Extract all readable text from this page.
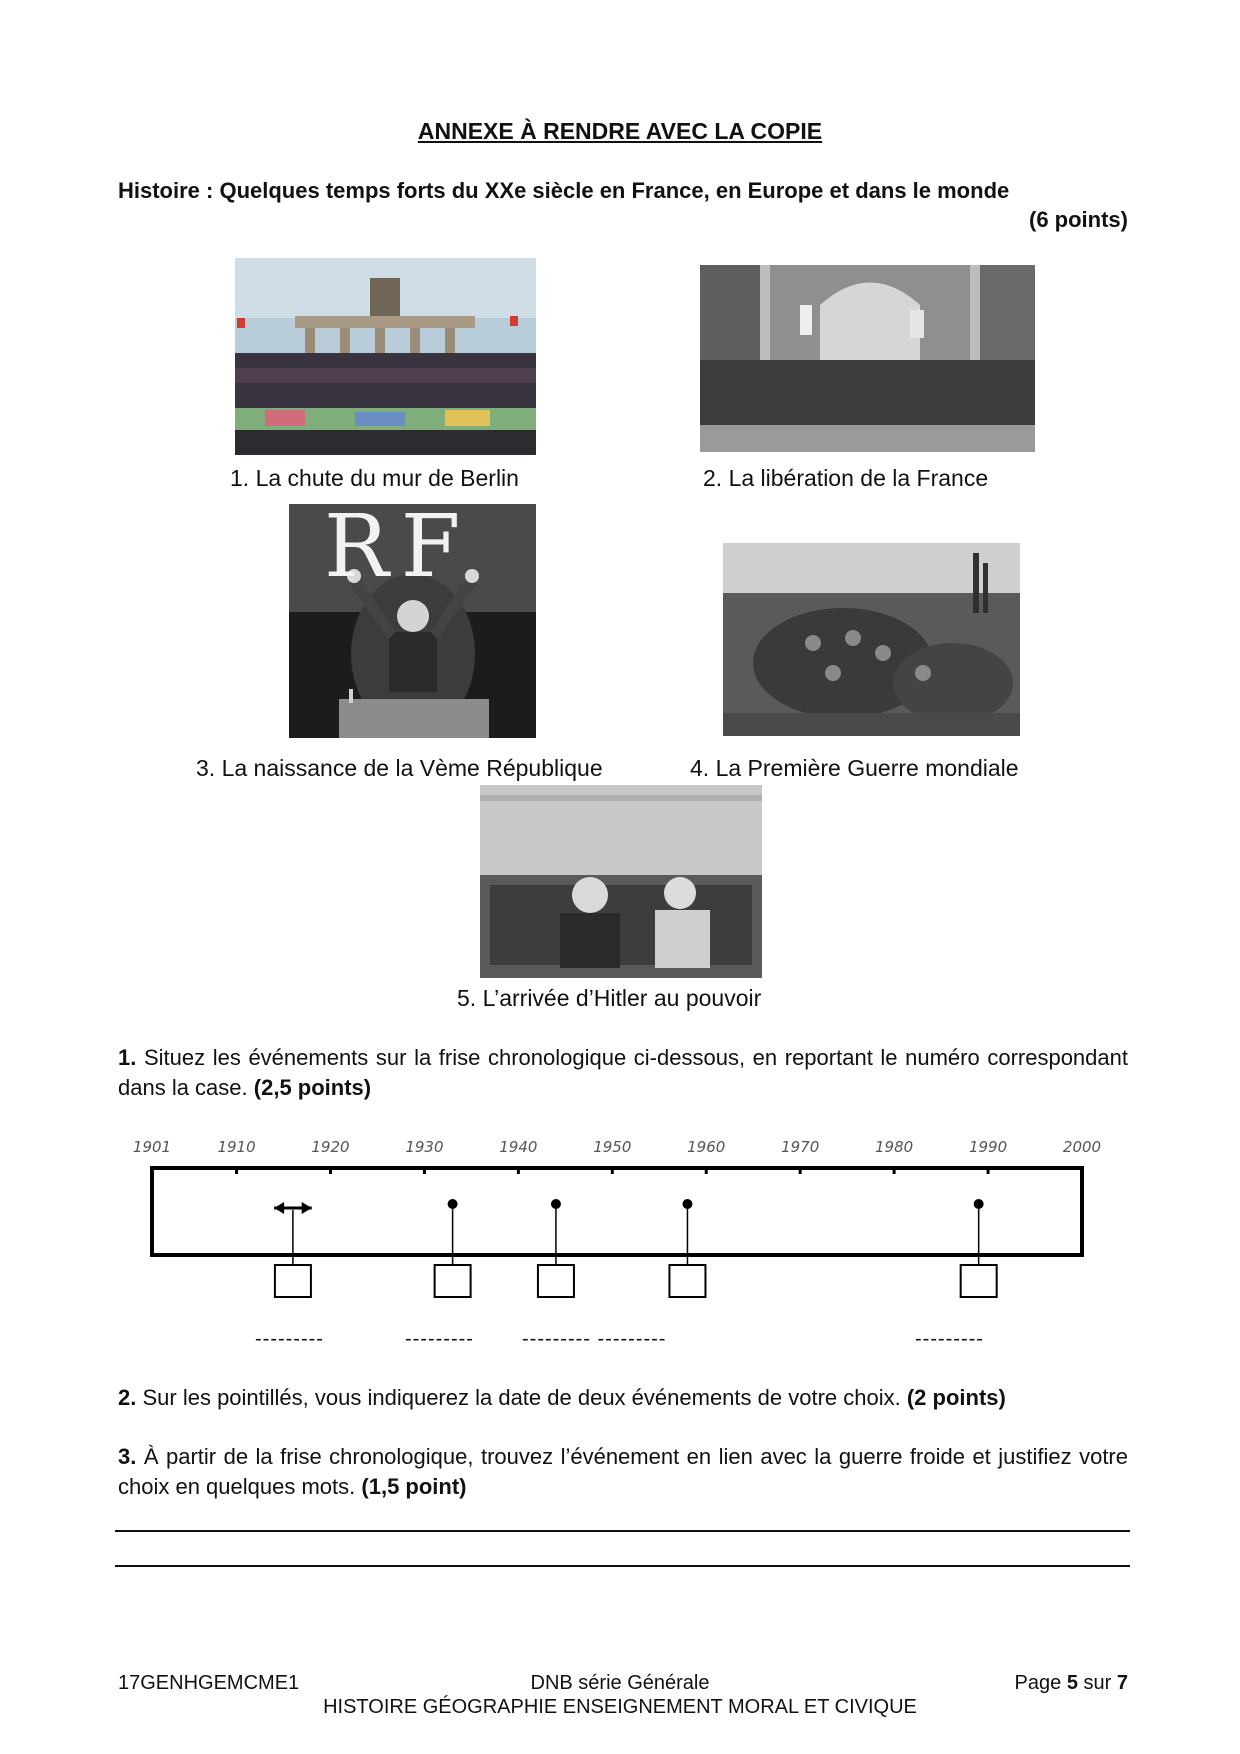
ANNEXE À RENDRE AVEC LA COPIE
Histoire : Quelques temps forts du XXe siècle en France, en Europe et dans le monde
(6 points)
1. La chute du mur de Berlin	2. La libération de la France
RF
3. La naissance de la Vème République	4. La Première Guerre mondiale
5. L’arrivée d’Hitler au pouvoir
1. Situez les événements sur la frise chronologique ci-dessous, en reportant le numéro correspondant dans la case. (2,5 points)
1901	1910	1920	1930	1940	1950	1960	1970	1980	1990	2000
---------	--------- --------- ---------	---------
2. Sur les pointillés, vous indiquerez la date de deux événements de votre choix. (2 points)
3. À partir de la frise chronologique, trouvez l’événement en lien avec la guerre froide et justifiez votre choix en quelques mots. (1,5 point)
17GENHGEMCME1	DNB série Générale	Page 5 sur 7
HISTOIRE GÉOGRAPHIE ENSEIGNEMENT MORAL ET CIVIQUE
